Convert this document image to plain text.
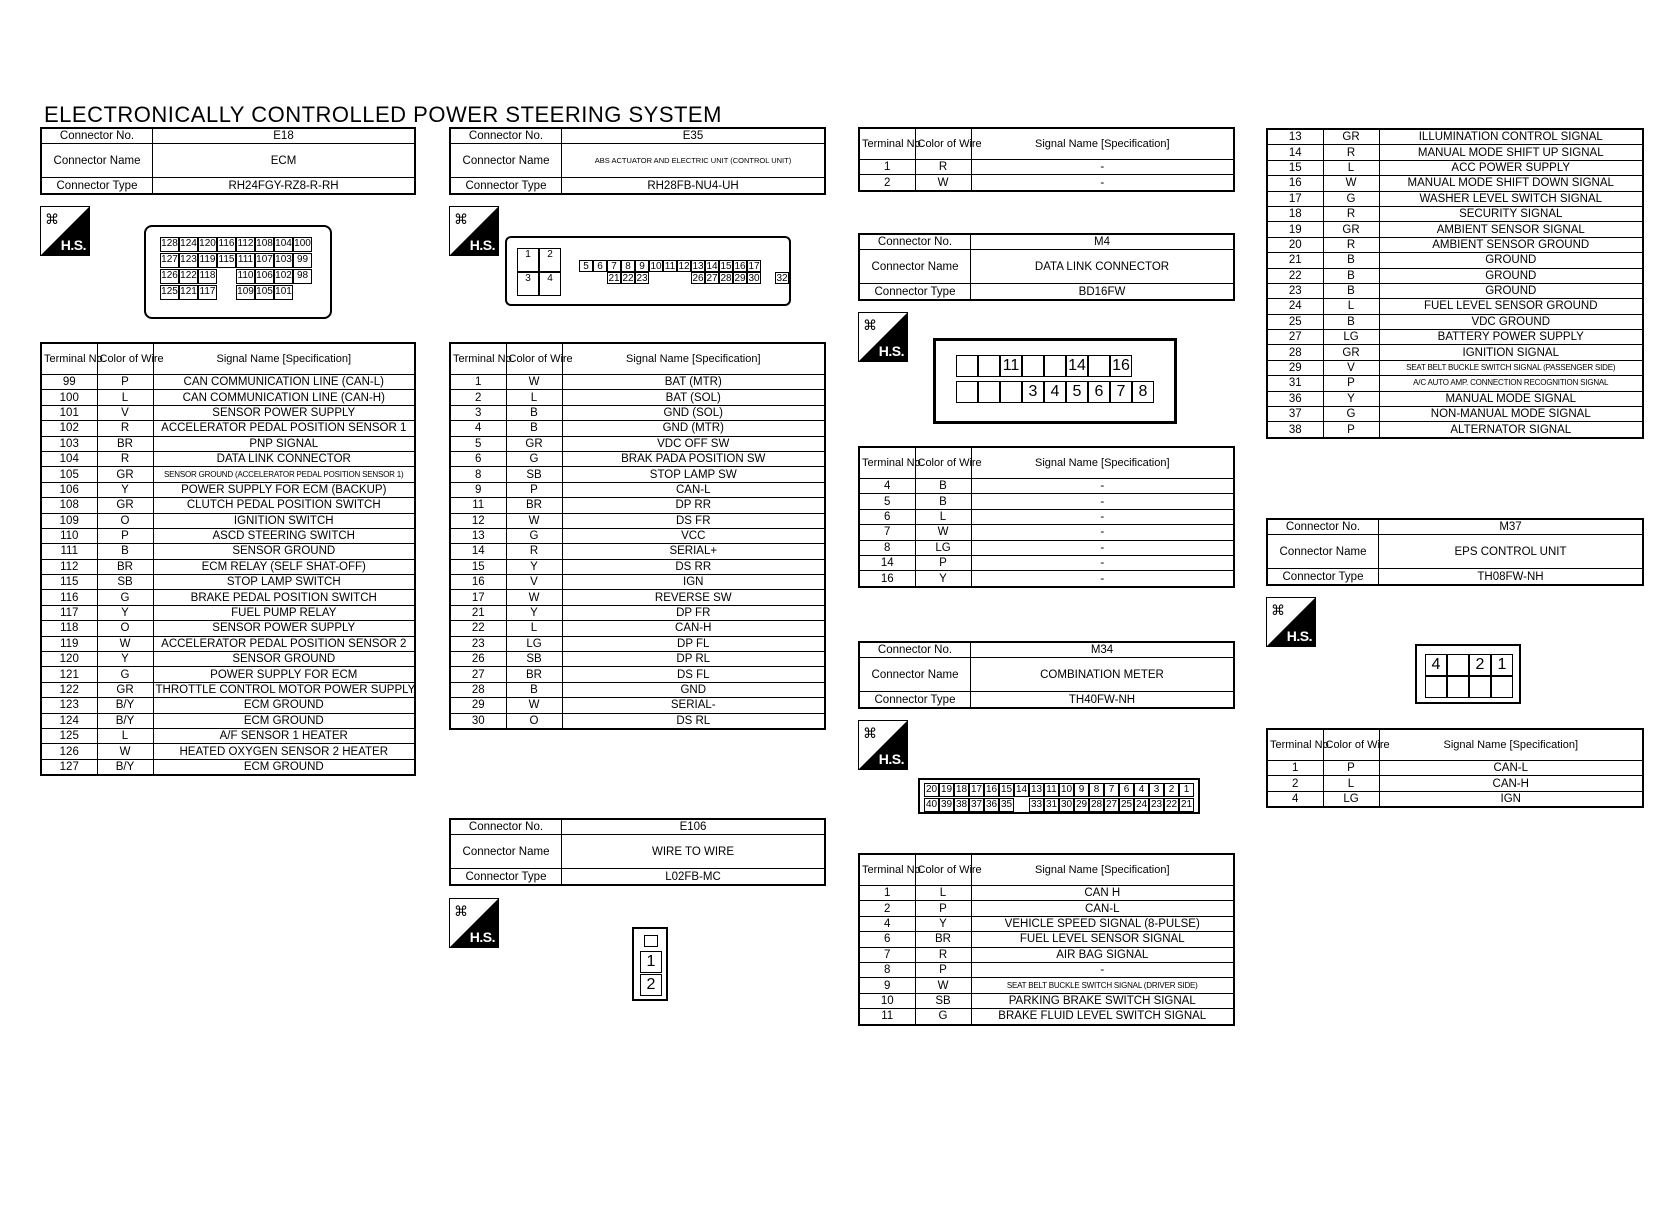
ELECTRONICALLY CONTROLLED POWER STEERING SYSTEM
Connector No.	E18
Connector Name	ECM
Connector Type	RH24FGY-RZ8-R-RH
⌘
H.S.	128 124 120 116 112 108 104 100
127 123 119 115 111 107 103 99
126 122 118 110 106 102 98
125 121 117 109 105 101
Terminal No.	Color of Wire	Signal Name [Specification]
99	P	CAN COMMUNICATION LINE (CAN-L)
100	L	CAN COMMUNICATION LINE (CAN-H)
101	V	SENSOR POWER SUPPLY
102	R	ACCELERATOR PEDAL POSITION SENSOR 1
103	BR	PNP SIGNAL
104	R	DATA LINK CONNECTOR
105	GR	SENSOR GROUND (ACCELERATOR PEDAL POSITION SENSOR 1)
106	Y	POWER SUPPLY FOR ECM (BACKUP)
108	GR	CLUTCH PEDAL POSITION SWITCH
109	O	IGNITION SWITCH
110	P	ASCD STEERING SWITCH
111	B	SENSOR GROUND
112	BR	ECM RELAY (SELF SHAT-OFF)
115	SB	STOP LAMP SWITCH
116	G	BRAKE PEDAL POSITION SWITCH
117	Y	FUEL PUMP RELAY
118	O	SENSOR POWER SUPPLY
119	W	ACCELERATOR PEDAL POSITION SENSOR 2
120	Y	SENSOR GROUND
121	G	POWER SUPPLY FOR ECM
122	GR	THROTTLE CONTROL MOTOR POWER SUPPLY
123	B/Y	ECM GROUND
124	B/Y	ECM GROUND
125	L	A/F SENSOR 1 HEATER
126	W	HEATED OXYGEN SENSOR 2 HEATER
127	B/Y	ECM GROUND
Connector No.	E35
Connector Name	ABS ACTUATOR AND ELECTRIC UNIT (CONTROL UNIT)
Connector Type	RH28FB-NU4-UH
⌘
H.S.
1	2
3	4
5 6 7 8 9 10 11 12 13 14 15 16 17
21 22 23	26 27 28 29 30 32
Terminal No.	Color of Wire	Signal Name [Specification]
1	W	BAT (MTR)
2	L	BAT (SOL)
3	B	GND (SOL)
4	B	GND (MTR)
5	GR	VDC OFF SW
6	G	BRAK PADA POSITION SW
8	SB	STOP LAMP SW
9	P	CAN-L
11	BR	DP RR
12	W	DS FR
13	G	VCC
14	R	SERIAL+
15	Y	DS RR
16	V	IGN
17	W	REVERSE SW
21	Y	DP FR
22	L	CAN-H
23	LG	DP FL
26	SB	DP RL
27	BR	DS FL
28	B	GND
29	W	SERIAL-
30	O	DS RL
Connector No.	E106
Connector Name	WIRE TO WIRE
Connector Type	L02FB-MC
⌘
H.S.
1
2
Terminal No.	Color of Wire	Signal Name [Specification]
1	R	-
2	W	-
Connector No.	M4
Connector Name	DATA LINK CONNECTOR
Connector Type	BD16FW
⌘
H.S.
11	14 16
3 4 5 6 7 8
Terminal No.	Color of Wire	Signal Name [Specification]
4	B	-
5	B	-
6	L	-
7	W	-
8	LG	-
14	P	-
16	Y	-
Connector No.	M34
Connector Name	COMBINATION METER
Connector Type	TH40FW-NH
⌘
H.S.
20 19 18 17 16 15 14 13 11 10 9 8 7 6 4 3 2 1
40 39 38 37 36 35 33 31 30 29 28 27 25 24 23 22 21
Terminal No.	Color of Wire	Signal Name [Specification]
1	L	CAN H
2	P	CAN-L
4	Y	VEHICLE SPEED SIGNAL (8-PULSE)
6	BR	FUEL LEVEL SENSOR SIGNAL
7	R	AIR BAG SIGNAL
8	P	-
9	W	SEAT BELT BUCKLE SWITCH SIGNAL (DRIVER SIDE)
10	SB	PARKING BRAKE SWITCH SIGNAL
11	G	BRAKE FLUID LEVEL SWITCH SIGNAL
13	GR	ILLUMINATION CONTROL SIGNAL
14	R	MANUAL MODE SHIFT UP SIGNAL
15	L	ACC POWER SUPPLY
16	W	MANUAL MODE SHIFT DOWN SIGNAL
17	G	WASHER LEVEL SWITCH SIGNAL
18	R	SECURITY SIGNAL
19	GR	AMBIENT SENSOR SIGNAL
20	R	AMBIENT SENSOR GROUND
21	B	GROUND
22	B	GROUND
23	B	GROUND
24	L	FUEL LEVEL SENSOR GROUND
25	B	VDC GROUND
27	LG	BATTERY POWER SUPPLY
28	GR	IGNITION SIGNAL
29	V	SEAT BELT BUCKLE SWITCH SIGNAL (PASSENGER SIDE)
31	P	A/C AUTO AMP. CONNECTION RECOGNITION SIGNAL
36	Y	MANUAL MODE SIGNAL
37	G	NON-MANUAL MODE SIGNAL
38	P	ALTERNATOR SIGNAL
Connector No.	M37
Connector Name	EPS CONTROL UNIT
Connector Type	TH08FW-NH
⌘
H.S.
4	2 1
Terminal No.	Color of Wire	Signal Name [Specification]
1	P	CAN-L
2	L	CAN-H
4	LG	IGN
